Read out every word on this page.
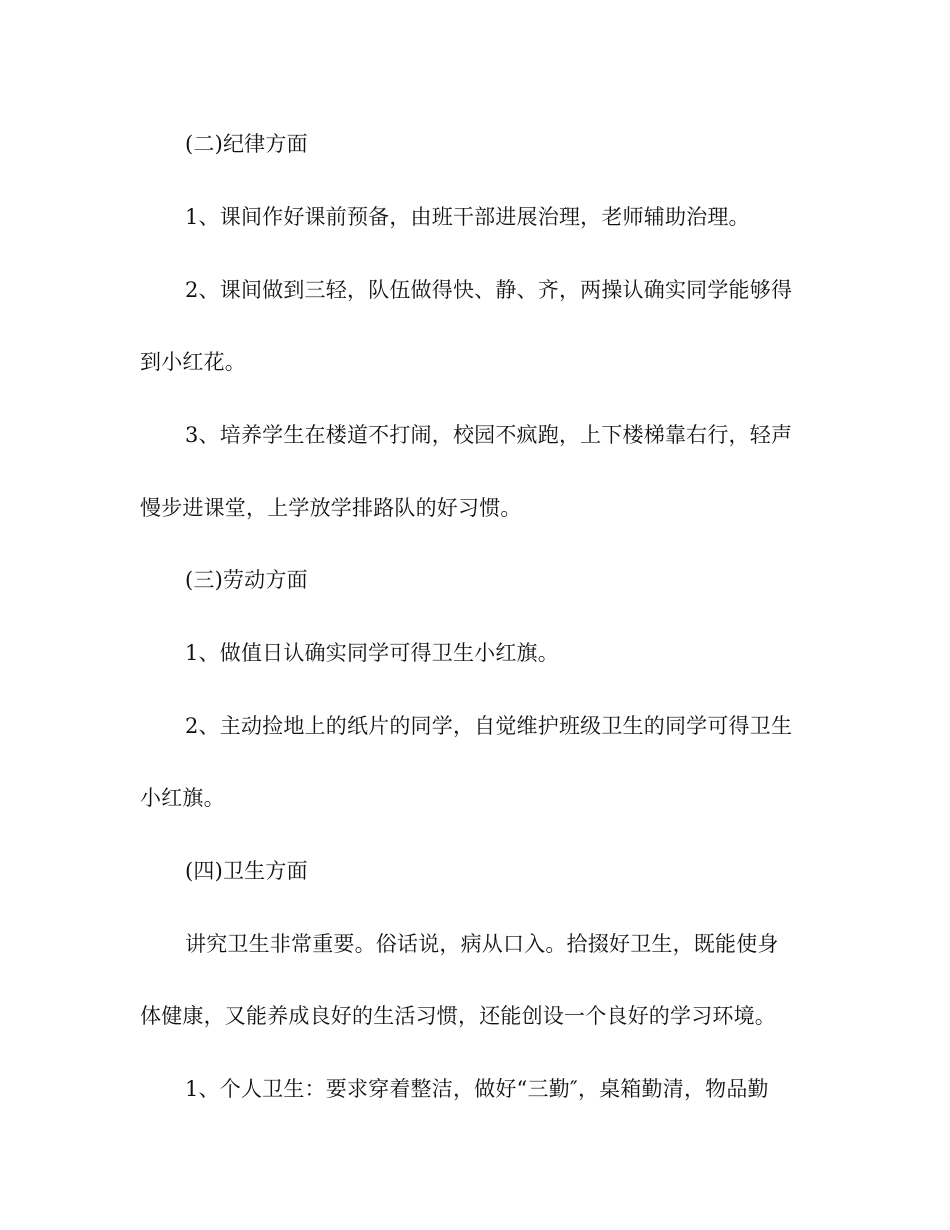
(二)纪律方面
1、课间作好课前预备，由班干部进展治理，老师辅助治理。
2、课间做到三轻，队伍做得快、静、齐，两操认确实同学能够得
到小红花。
3、培养学生在楼道不打闹，校园不疯跑，上下楼梯靠右行，轻声
慢步进课堂，上学放学排路队的好习惯。
(三)劳动方面
1、做值日认确实同学可得卫生小红旗。
2、主动捡地上的纸片的同学，自觉维护班级卫生的同学可得卫生
小红旗。
(四)卫生方面
讲究卫生非常重要。俗话说，病从口入。拾掇好卫生，既能使身
体健康，又能养成良好的生活习惯，还能创设一个良好的学习环境。
1、个人卫生：要求穿着整洁，做好“三勤″，桌箱勤清，物品勤
